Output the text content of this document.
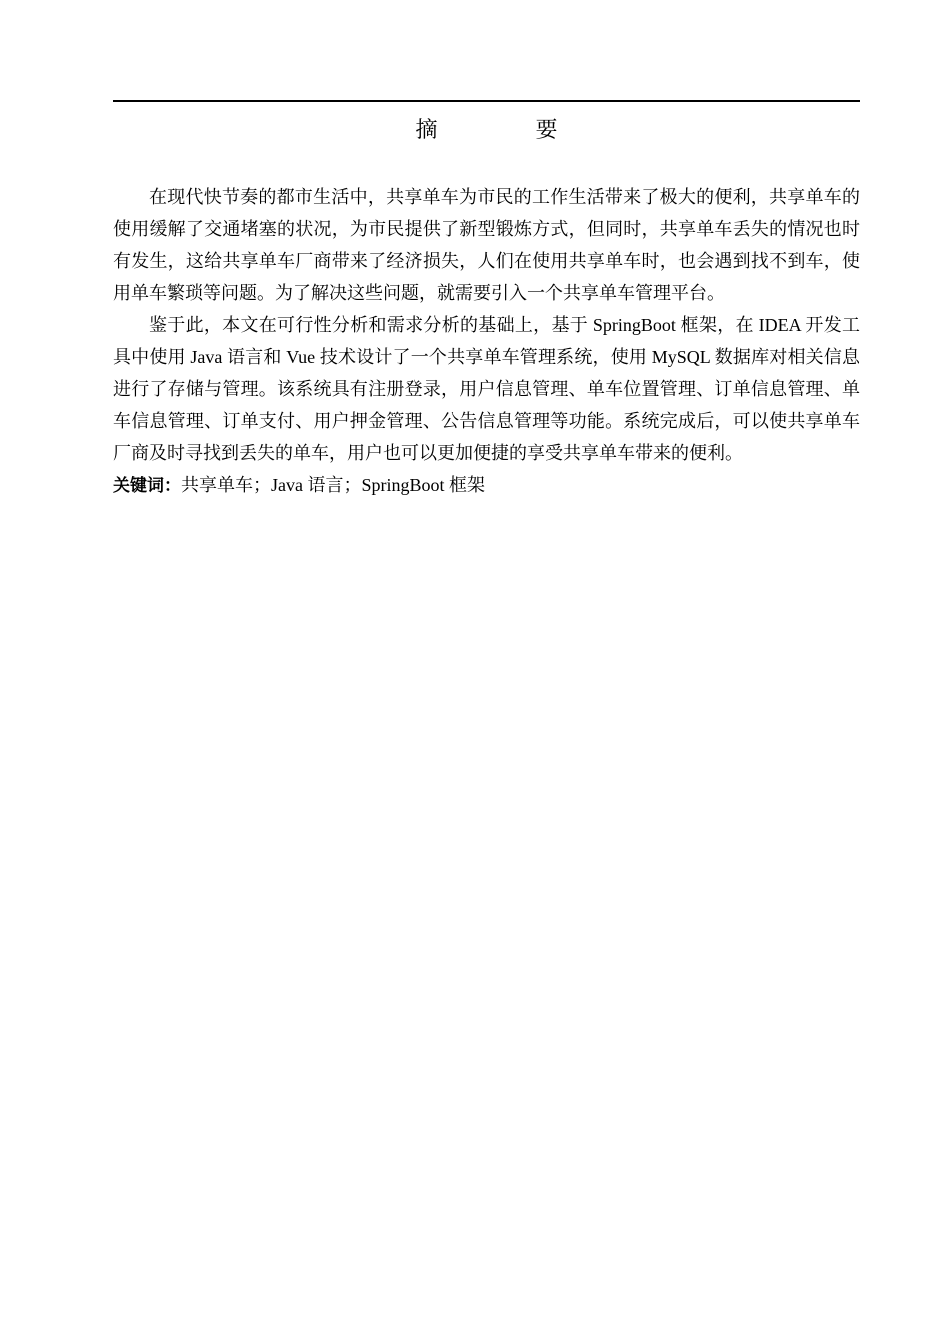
摘　要

在现代快节奏的都市生活中，共享单车为市民的工作生活带来了极大的便利，共享单车的使用缓解了交通堵塞的状况，为市民提供了新型锻炼方式，但同时，共享单车丢失的情况也时有发生，这给共享单车厂商带来了经济损失，人们在使用共享单车时，也会遇到找不到车，使用单车繁琐等问题。为了解决这些问题，就需要引入一个共享单车管理平台。

鉴于此，本文在可行性分析和需求分析的基础上，基于 SpringBoot 框架，在 IDEA 开发工具中使用 Java 语言和 Vue 技术设计了一个共享单车管理系统，使用 MySQL 数据库对相关信息进行了存储与管理。该系统具有注册登录，用户信息管理、单车位置管理、订单信息管理、单车信息管理、订单支付、用户押金管理、公告信息管理等功能。系统完成后，可以使共享单车厂商及时寻找到丢失的单车，用户也可以更加便捷的享受共享单车带来的便利。

关键词：共享单车；Java 语言；SpringBoot 框架
